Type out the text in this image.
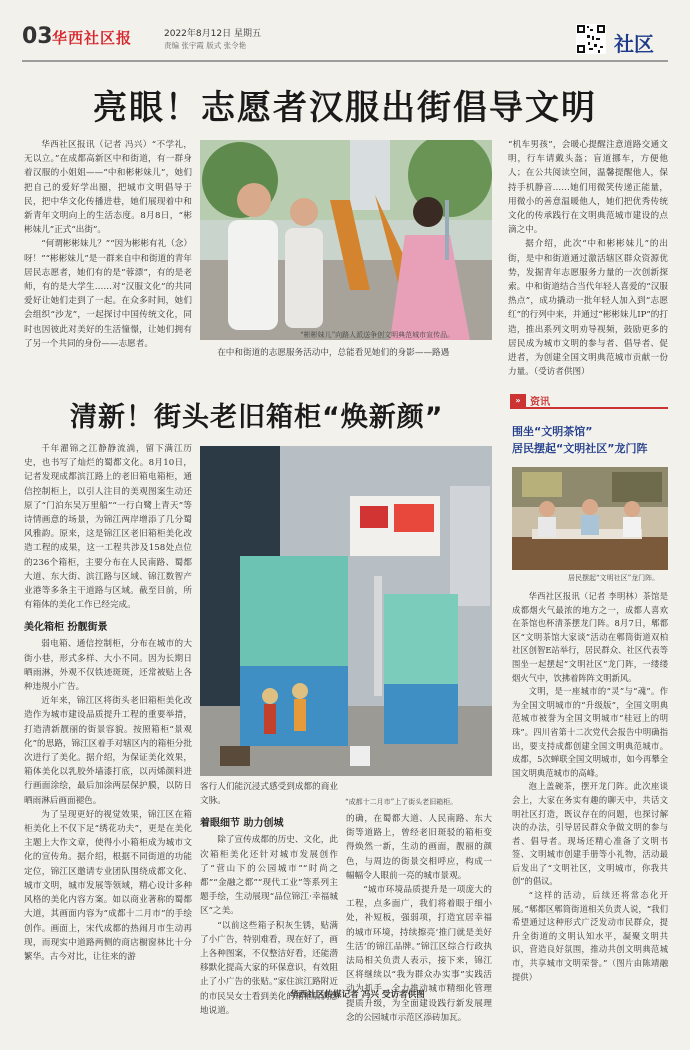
03 华西社区报	2022年8月12日 星期五
责编 张宇霞 版式 张令艳	社区
亮眼！志愿者汉服出街倡导文明

华西社区报讯（记者 冯兴）“不学礼，无以立。”在成都高新区中和街道，有一群身着汉服的小姐姐——“中和彬彬妹儿”，她们把自己的爱好学出圈，把城市文明倡导于民，把中华文化传播进巷，她们展现着中和新青年文明向上的生活态度。8月8日，“彬彬妹儿”正式“出街”。

“何谓彬彬妹儿？”“因为彬彬有礼（念）呀！”“彬彬妹儿”是一群来自中和街道的青年居民志愿者，她们有的是“蓉漂”，有的是老师，有的是大学生……对“汉服文化”的共同爱好让她们走到了一起。在众多时间，她们会组织“沙龙”，一起探讨中国传统文化，同时也因彼此对美好的生活憧憬，让她们拥有了另一个共同的身份——志愿者。

“彬彬妹儿”向路人派送争创文明典范城市宣传品。

在中和街道的志愿服务活动中，总能看见她们的身影——路遇

“机车男孩”，会暖心提醒注意道路交通文明，行车请戴头盔；盲道挪车，方便他人；在公共阅读空间，温馨提醒他人，保持手机静音……她们用微笑传递正能量，用微小的善意温暖他人，她们把优秀传统文化的传承践行在文明典范城市建设的点滴之中。

据介绍，此次“中和彬彬妹儿”的出街，是中和街道通过激活辖区群众资源优势，发掘青年志愿服务力量的一次创新探索。中和街道结合当代年轻人喜爱的“汉服热点”，成功撬动一批年轻人加入到“志愿红”的行列中来，并通过“彬彬妹儿IP”的打造，推出系列文明劝导视频，鼓励更多的居民成为城市文明的参与者、倡导者、促进者，为创建全国文明典范城市贡献一份力量。（受访者供图）

清新！街头老旧箱柜“焕新颜”

千年濯锦之江静静流淌，留下满江历史，也书写了灿烂的蜀都文化。8月10日，记者发现成都滨江路上的老旧箱电箱柜，通信控制柜上，以引人注目的美观图案生动还原了“门泊东吴万里船”“一行白鹭上青天”等诗情画意的场景，为锦江两岸增添了几分蜀风雅韵。原来，这是锦江区老旧箱柜美化改造工程的成果，这一工程共涉及158处点位的236个箱柜，主要分布在人民南路、蜀都大道、东大街、滨江路与区域、锦江数智产业港等多条主干道路与区域。截至目前，所有箱体的美化工作已经完成。

美化箱柜 扮靓街景

弱电箱、通信控制柜，分布在城市的大街小巷，形式多样、大小不同。因为长期日晒雨淋，外观不仅铁迹斑斑，还常被贴上各种违规小广告。

近年来，锦江区将街头老旧箱柜美化改造作为城市建设品质提升工程的重要举措，打造清新靓丽的街景容貌。按照箱柜“景观化”的思路，锦江区着手对辖区内的箱柜分批次进行了美化。据介绍，为保证美化效果，箱体美化以乳胶外墙漆打底，以丙烯颜料进行画面涂绘，最后加涂两层保护膜，以防日晒雨淋后画面褪色。

为了呈现更好的视觉效果，锦江区在箱柜美化上不仅下足“绣花功夫”，更是在美化主题上大作文章，使得小小箱柜成为城市文化的宣传角。据介绍，根据不同街道的功能定位，锦江区邀请专业团队围绕成都文化、城市文明，城市发展等领域，精心设计多种风格的美化内容方案。如以商业著称的蜀都大道，其画面内容为“成都十二月市”的手绘创作。画面上，宋代成都的热闹月市生动再现，而现实中道路两侧的商店橱窗林比十分繁华。古今对比，让往来的游

“成都十二月市”上了街头老旧箱柜。

客行人们能沉浸式感受到成都的商业文脉。

着眼细节 助力创城

除了宣传成都的历史、文化，此次箱柜美化还针对城市发展创作了“营山下的公园城市”“时尚之都”“金融之都”“现代工业”等系列主题手绘，生动展现“品位锦江·幸福城区”之美。

“以前这些箱子积灰生锈，贴满了小广告，特别难看，现在好了，画上各种图案，不仅整洁好看，还能潜移默化提高大家的环保意识，有效阻止了小广告的张贴。”家住滨江路附近的市民吴女士看到美化的箱柜后满意地说道。

的确，在蜀都大道、人民南路、东大街等道路上，曾经老旧斑驳的箱柜变得焕然一新，生动的画面，靓丽的颜色，与周边的街景交相呼应，构成一幅幅令人眼前一亮的城市景观。

“城市环境品质提升是一项庞大的工程，点多面广，我们将着眼于细小处，补短板，强弱项，打造宜居幸福的城市环境，持续擦亮‘推门就是美好生活’的锦江品牌。”锦江区综合行政执法局相关负责人表示，接下来，锦江区将继续以“我为群众办实事”实践活动为抓手，全力推动城市精细化管理提质升级，为全面建设践行新发展理念的公园城市示范区添砖加瓦。

华西社区传媒记者 冯兴 受访者供图
» 资讯
围坐“文明茶馆”
居民摆起“文明社区”龙门阵
居民摆起“文明社区”龙门阵。

华西社区报讯（记者 李明林）茶馆是成都烟火气最浓的地方之一，成都人喜欢在茶馆也杯清茶摆龙门阵。8月7日，郫都区“文明茶馆大家谈”活动在郫筒街道双柏社区创智E站举行，居民群众、社区代表等围坐一起摆起“文明社区”龙门阵，一缕缕烟火气中，饮拂着阵阵文明新风。

文明，是一座城市的“灵”与“魂”。作为全国文明城市的“升级版”，全国文明典范城市被誉为全国文明城市“桂冠上的明珠”。四川省第十二次党代会报告中明确指出，要支持成都创建全国文明典范城市。成都，5次蝉联全国文明城市，如今再攀全国文明典范城市的高峰。

泡上盖碗茶，摆开龙门阵。此次座谈会上，大家在务实有趣的聊天中，共话文明社区打造，既议存在的问题，也探讨解决的办法，引导居民群众争做文明的参与者、倡导者。现场还精心准备了文明书签、文明城市创建手册等小礼物，活动最后发出了“文明社区，文明城市，你我共创”的倡议。

“这样的活动，后续还将常态化开展。”郫都区郫筒街道相关负责人说，“我们希望通过这种形式广泛发动市民群众，提升全街道的文明认知水平，凝聚文明共识，营造良好氛围，推动共创文明典范城市，共享城市文明荣誉。”（图片由陈靖融提供）
